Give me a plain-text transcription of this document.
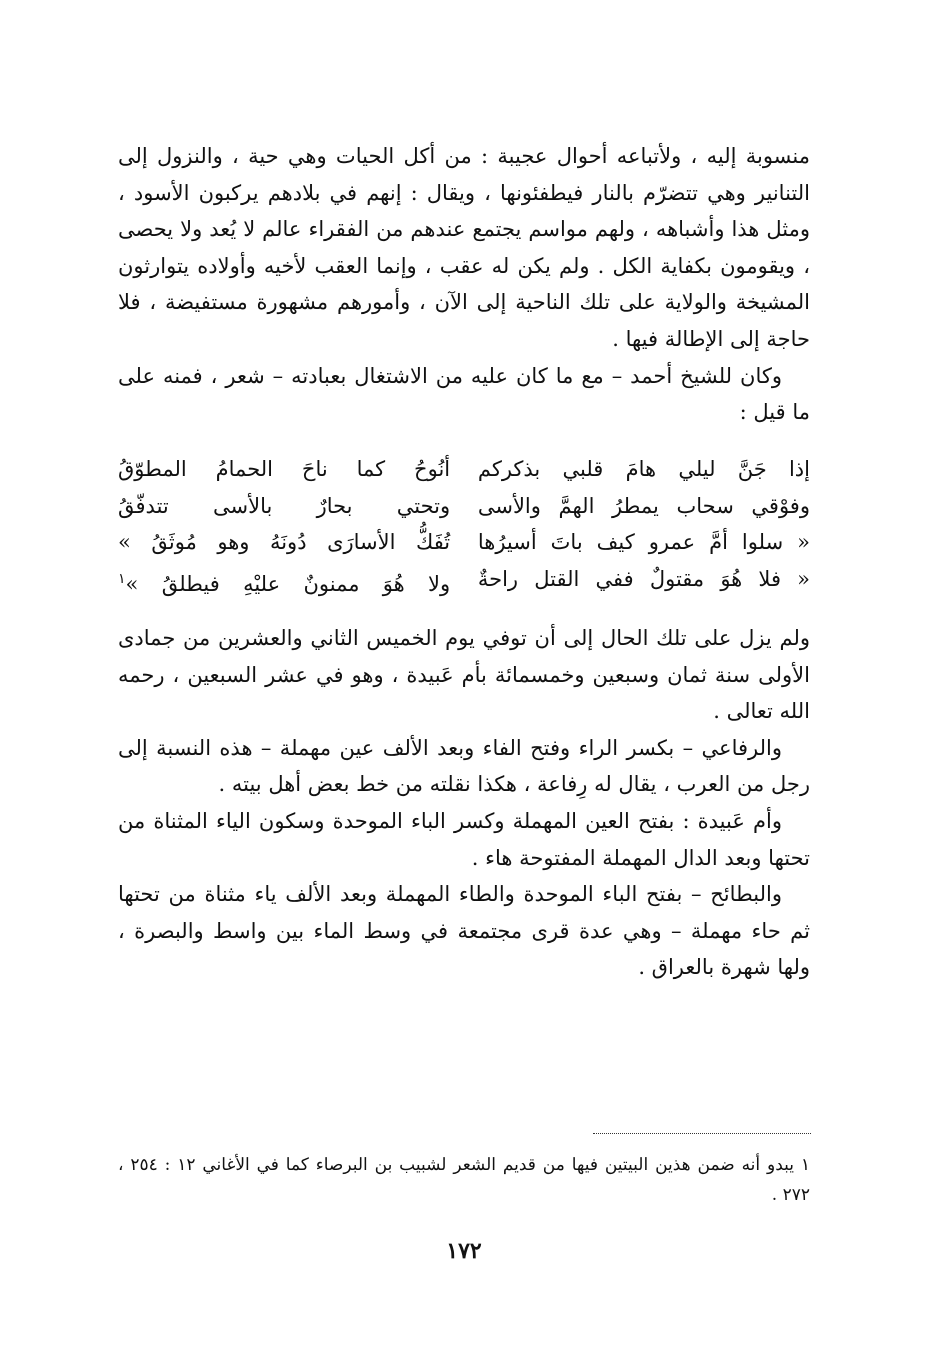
منسوبة إليه ، ولأتباعه أحوال عجيبة : من أكل الحيات وهي حية ، والنزول إلى التنانير وهي تتضرّم بالنار فيطفئونها ، ويقال : إنهم في بلادهم يركبون الأسود ، ومثل هذا وأشباهه ، ولهم مواسم يجتمع عندهم من الفقراء عالم لا يُعد ولا يحصى ، ويقومون بكفاية الكل . ولم يكن له عقب ، وإنما العقب لأخيه وأولاده يتوارثون المشيخة والولاية على تلك الناحية إلى الآن ، وأمورهم مشهورة مستفيضة ، فلا حاجة إلى الإطالة فيها .

وكان للشيخ أحمد – مع ما كان عليه من الاشتغال بعبادته – شعر ، فمنه على ما قيل :

إذا جَنَّ ليلي هامَ قلبي بذكركم
أنُوحُ كما ناحَ الحمامُ المطوّقُ
وفوْقي سحاب يمطرُ الهمَّ والأسى
وتحتي بحارٌ بالأسى تتدفّقُ
« سلوا أمَّ عمرو كيف باتَ أسيرُها
تُفَكُّ الأسارَى دُونَهُ وهو مُوثَقُ »
« فلا هُوَ مقتولٌ ففي القتل راحةٌ
ولا هُوَ ممنونٌ عليْهِ فيطلقُ »$^١$

ولم يزل على تلك الحال إلى أن توفي يوم الخميس الثاني والعشرين من جمادى الأولى سنة ثمان وسبعين وخمسمائة بأم عَبيدة ، وهو في عشر السبعين ، رحمه الله تعالى .

والرفاعي – بكسر الراء وفتح الفاء وبعد الألف عين مهملة – هذه النسبة إلى رجل من العرب ، يقال له رِفاعة ، هكذا نقلته من خط بعض أهل بيته .

وأم عَبيدة : بفتح العين المهملة وكسر الباء الموحدة وسكون الياء المثناة من تحتها وبعد الدال المهملة المفتوحة هاء .

والبطائح – بفتح الباء الموحدة والطاء المهملة وبعد الألف ياء مثناة من تحتها ثم حاء مهملة – وهي عدة قرى مجتمعة في وسط الماء بين واسط والبصرة ، ولها شهرة بالعراق .

١ يبدو أنه ضمن هذين البيتين فيها من قديم الشعر لشبيب بن البرصاء كما في الأغاني ١٢ : ٢٥٤ ، ٢٧٢ .
١٧٢
